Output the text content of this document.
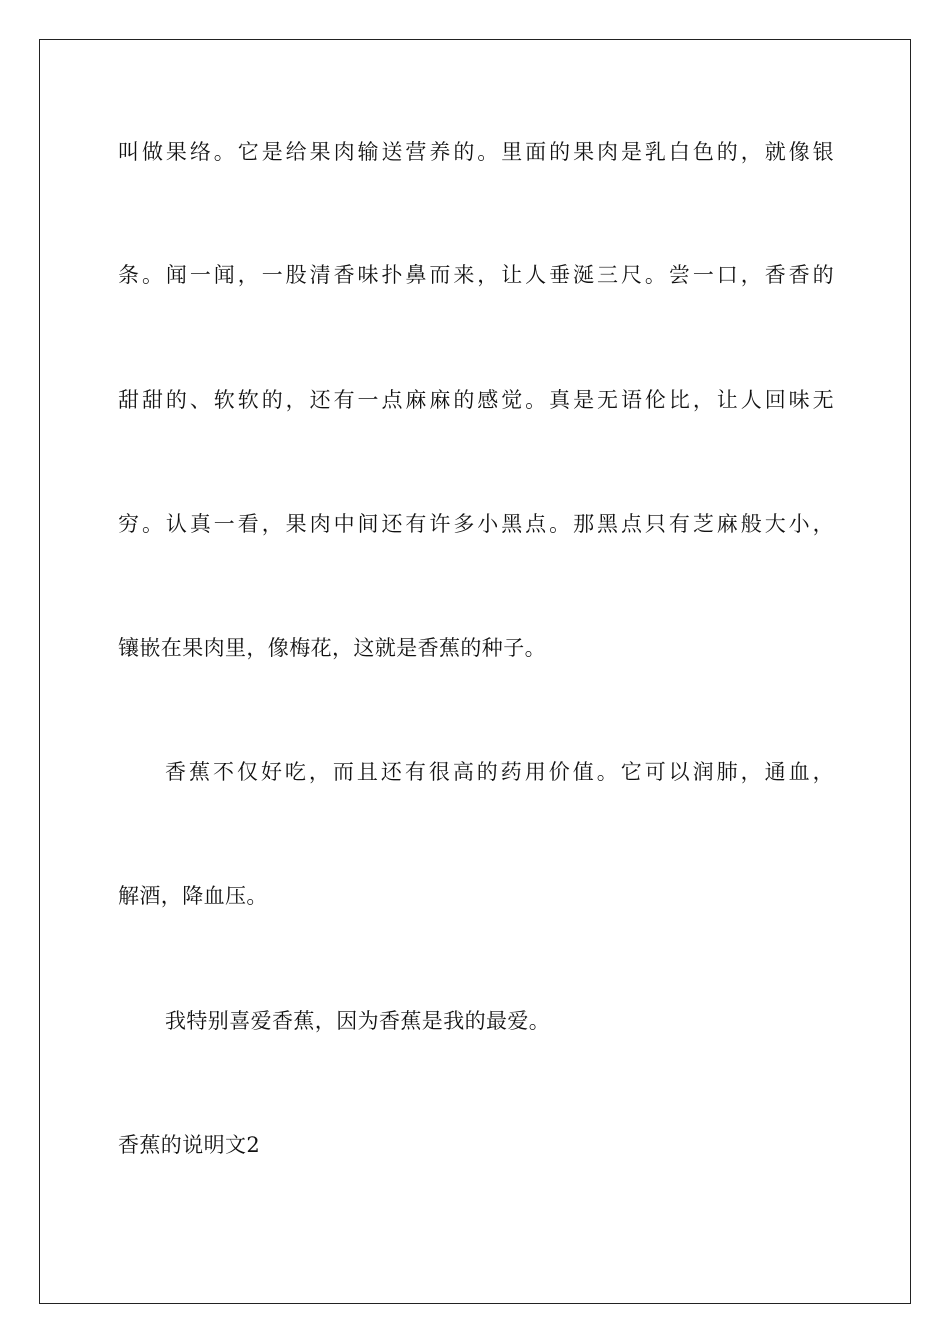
叫做果络。它是给果肉输送营养的。里面的果肉是乳白色的，就像银
条。闻一闻，一股清香味扑鼻而来，让人垂涎三尺。尝一口，香香的
甜甜的、软软的，还有一点麻麻的感觉。真是无语伦比，让人回味无
穷。认真一看，果肉中间还有许多小黑点。那黑点只有芝麻般大小，
镶嵌在果肉里，像梅花，这就是香蕉的种子。
香蕉不仅好吃，而且还有很高的药用价值。它可以润肺，通血，
解酒，降血压。
我特别喜爱香蕉，因为香蕉是我的最爱。
香蕉的说明文2
